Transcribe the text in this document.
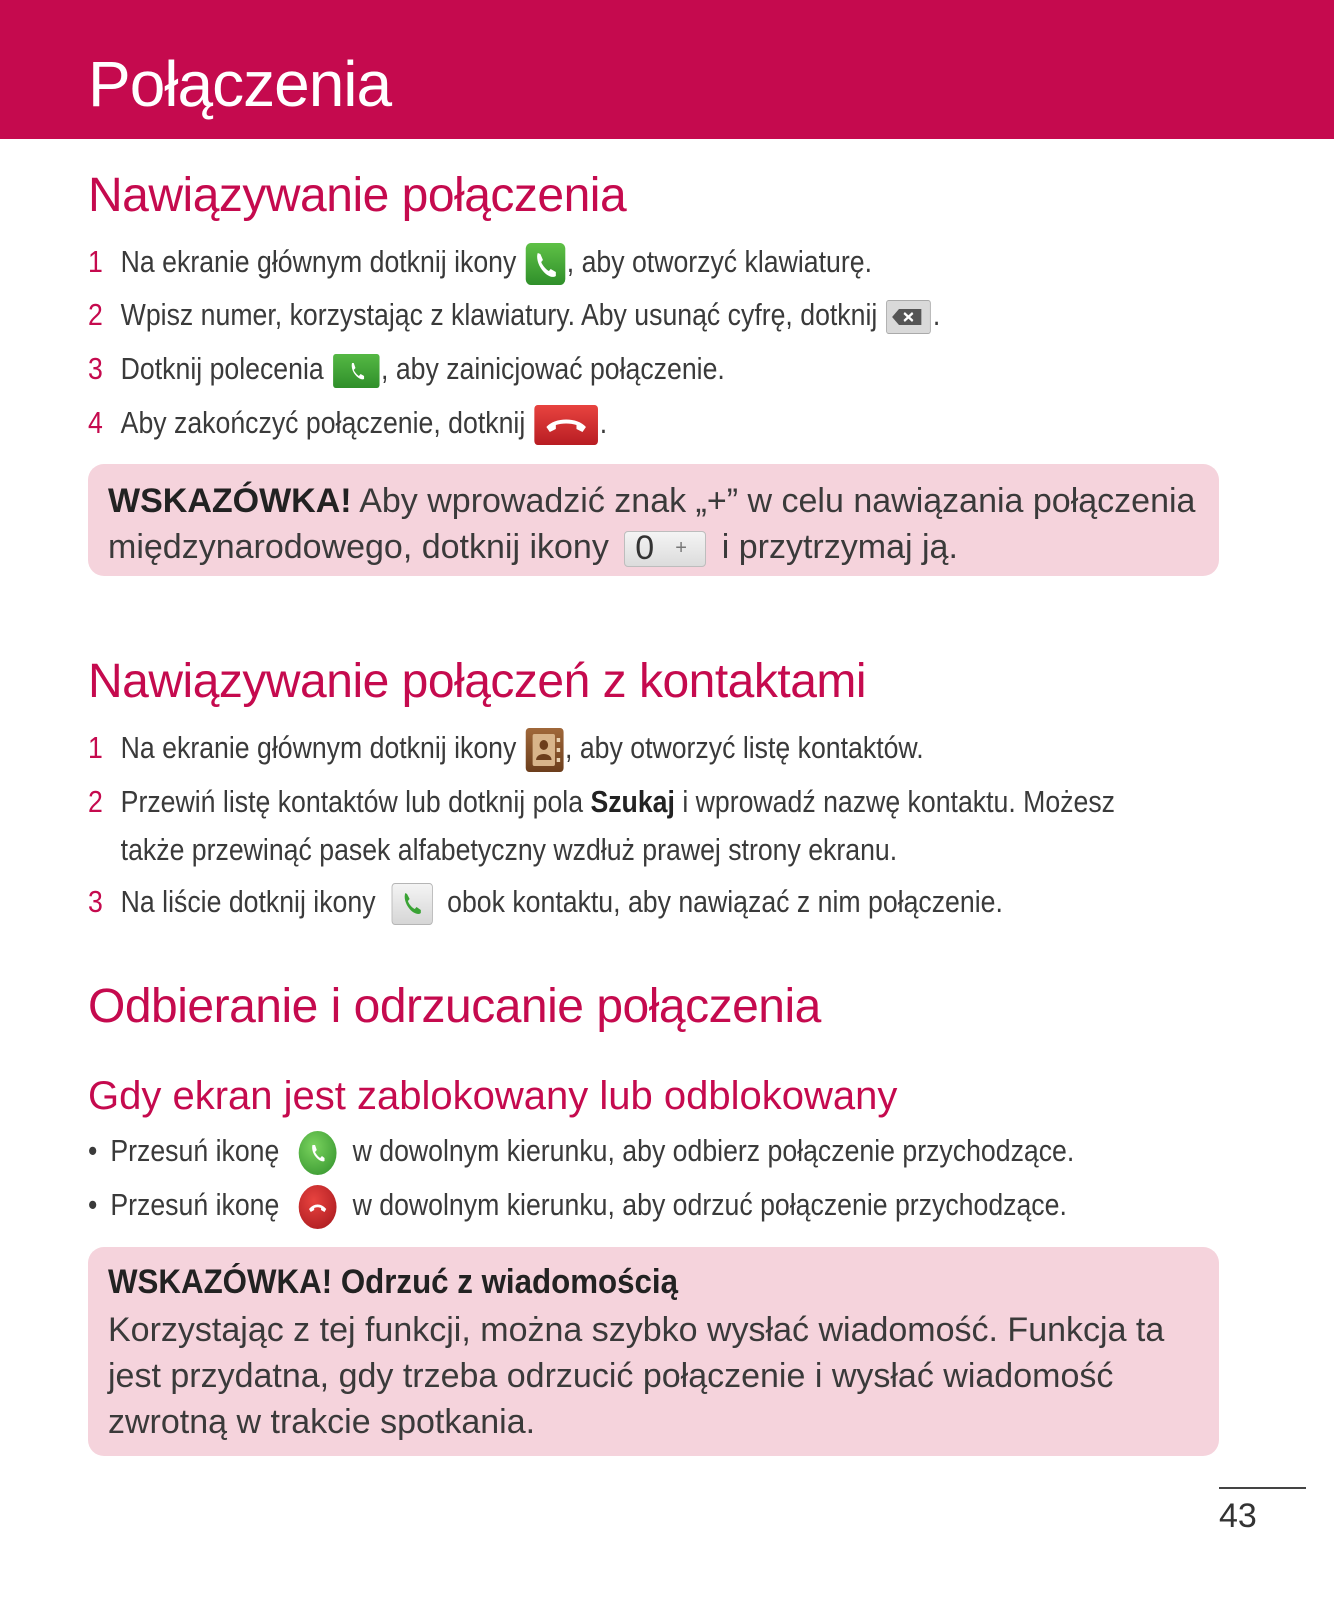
Połączenia
Nawiązywanie połączenia
1 Na ekranie głównym dotknij ikony , aby otworzyć klawiaturę.
2 Wpisz numer, korzystając z klawiatury. Aby usunąć cyfrę, dotknij .
3 Dotknij polecenia , aby zainicjować połączenie.
4 Aby zakończyć połączenie, dotknij .
WSKAZÓWKA! Aby wprowadzić znak „+” w celu nawiązania połączenia międzynarodowego, dotknij ikony 0 + i przytrzymaj ją.
Nawiązywanie połączeń z kontaktami
1 Na ekranie głównym dotknij ikony , aby otworzyć listę kontaktów.
2 Przewiń listę kontaktów lub dotknij pola Szukaj i wprowadź nazwę kontaktu. Możesz
także przewinąć pasek alfabetyczny wzdłuż prawej strony ekranu.
3 Na liście dotknij ikony
obok kontaktu, aby nawiązać z nim połączenie.
Odbieranie i odrzucanie połączenia
Gdy ekran jest zablokowany lub odblokowany
• Przesuń ikonę
w dowolnym kierunku, aby odbierz połączenie przychodzące.
• Przesuń ikonę
w dowolnym kierunku, aby odrzuć połączenie przychodzące.
WSKAZÓWKA! Odrzuć z wiadomością
Korzystając z tej funkcji, można szybko wysłać wiadomość. Funkcja ta jest przydatna, gdy trzeba odrzucić połączenie i wysłać wiadomość zwrotną w trakcie spotkania.
43
